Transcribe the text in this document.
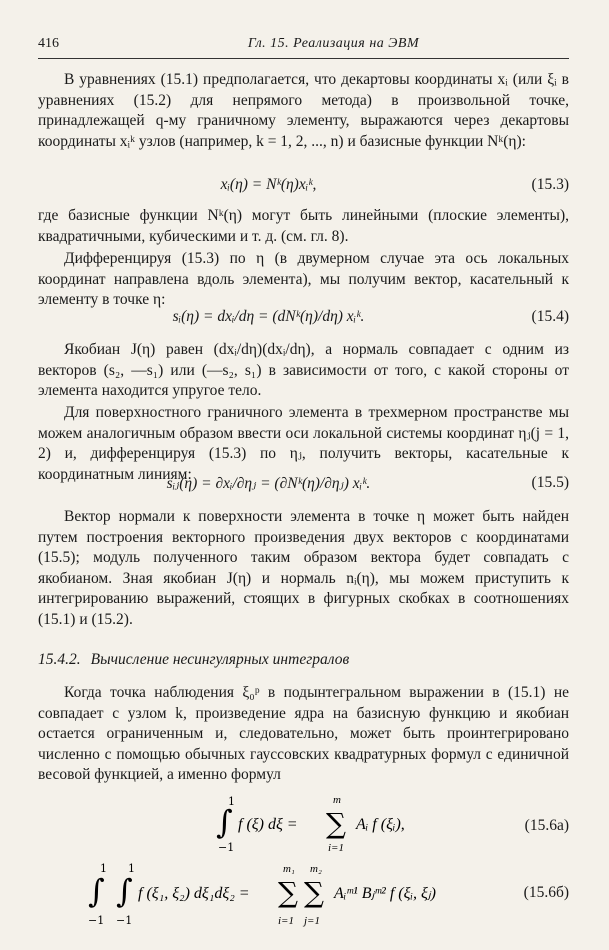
416	Гл. 15. Реализация на ЭВМ

В уравнениях (15.1) предполагается, что декартовы координаты xᵢ (или ξᵢ в уравнениях (15.2) для непрямого метода) в произвольной точке, принадлежащей q-му граничному элементу, выражаются через декартовы координаты xᵢᵏ узлов (например, k = 1, 2, ..., n) и базисные функции Nᵏ(η):

xᵢ(η) = Nᵏ(η)xᵢᵏ,	(15.3)

где базисные функции Nᵏ(η) могут быть линейными (плоские элементы), квадратичными, кубическими и т. д. (см. гл. 8).

Дифференцируя (15.3) по η (в двумерном случае эта ось локальных координат направлена вдоль элемента), мы получим вектор, касательный к элементу в точке η:

sᵢ(η) = dxᵢ/dη = (dNᵏ(η)/dη) xᵢᵏ.	(15.4)

Якобиан J(η) равен (dxᵢ/dη)(dxᵢ/dη), а нормаль совпадает с одним из векторов (s₂, —s₁) или (—s₂, s₁) в зависимости от того, с какой стороны от элемента находится упругое тело.

Для поверхностного граничного элемента в трехмерном пространстве мы можем аналогичным образом ввести оси локальной системы координат ηⱼ(j = 1, 2) и, дифференцируя (15.3) по ηⱼ, получить векторы, касательные к координатным линиям:

sᵢⱼ(η) = ∂xᵢ/∂ηⱼ = (∂Nᵏ(η)/∂ηⱼ) xᵢᵏ.	(15.5)

Вектор нормали к поверхности элемента в точке η может быть найден путем построения векторного произведения двух векторов с координатами (15.5); модуль полученного таким образом вектора будет совпадать с якобианом. Зная якобиан J(η) и нормаль nᵢ(η), мы можем приступить к интегрированию выражений, стоящих в фигурных скобках в соотношениях (15.1) и (15.2).

15.4.2. Вычисление несингулярных интегралов

Когда точка наблюдения ξ₀ᵖ в подынтегральном выражении в (15.1) не совпадает с узлом k, произведение ядра на базисную функцию и якобиан остается ограниченным и, следовательно, может быть проинтегрировано численно с помощью обычных гауссовских квадратурных формул с единичной весовой функцией, а именно формул

∫
1
−1
f (ξ) dξ =
m
∑
i=1
Aᵢ f (ξᵢ),	(15.6а)
∫
1
−1
∫
1
−1
f (ξ₁, ξ₂) dξ₁dξ₂ =
m₁
∑
i=1
m₂
∑
j=1
Aᵢᵐ¹ Bⱼᵐ² f (ξᵢ, ξⱼ)	(15.6б)
